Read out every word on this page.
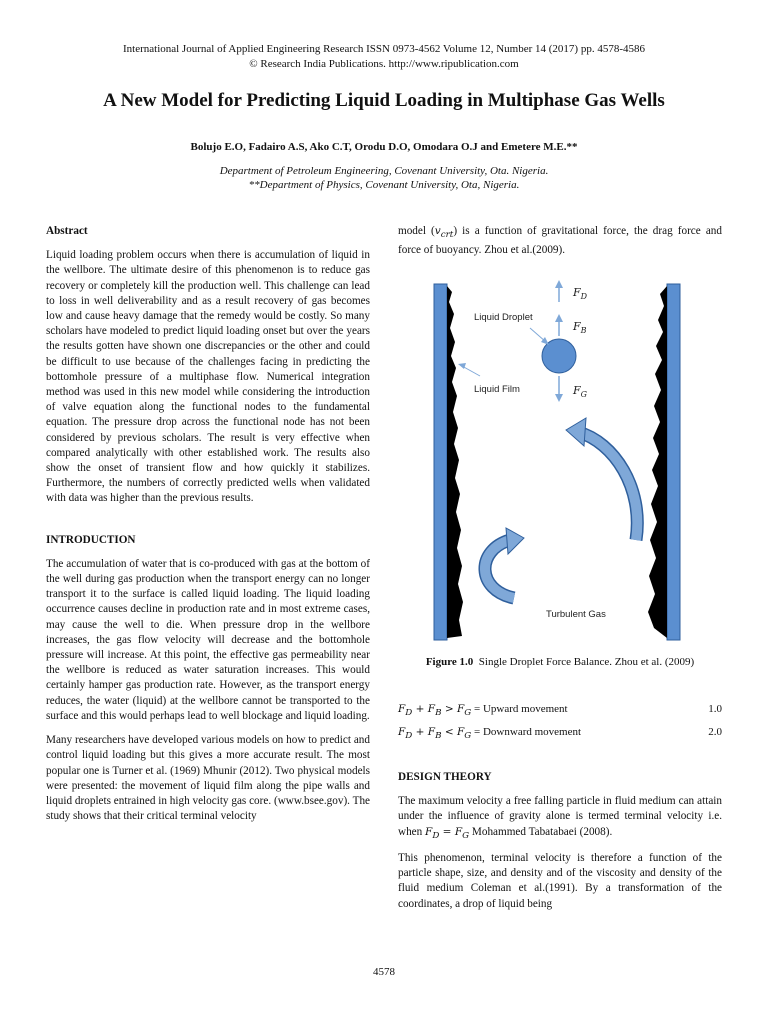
International Journal of Applied Engineering Research ISSN 0973-4562 Volume 12, Number 14 (2017) pp. 4578-4586
© Research India Publications. http://www.ripublication.com
A New Model for Predicting Liquid Loading in Multiphase Gas Wells
Bolujo E.O, Fadairo A.S, Ako C.T, Orodu D.O, Omodara O.J and Emetere M.E.**
Department of Petroleum Engineering, Covenant University, Ota. Nigeria.
**Department of Physics, Covenant University, Ota, Nigeria.
Abstract

Liquid loading problem occurs when there is accumulation of liquid in the wellbore. The ultimate desire of this phenomenon is to reduce gas recovery or completely kill the production well. This challenge can lead to loss in well deliverability and as a result recovery of gas becomes low and cause heavy damage that the remedy would be costly. So many scholars have modeled to predict liquid loading onset but over the years the results gotten have shown one discrepancies or the other and could be difficult to use because of the challenges facing in predicting the bottomhole pressure of a multiphase flow. Numerical integration method was used in this new model while considering the introduction of valve equation along the functional nodes to the fundamental equation. The pressure drop across the functional node has not been considered by previous scholars. The result is very effective when compared analytically with other established work. The results also show the onset of transient flow and how quickly it stabilizes. Furthermore, the numbers of correctly predicted wells when validated with data was higher than the previous results.

INTRODUCTION

The accumulation of water that is co-produced with gas at the bottom of the well during gas production when the transport energy can no longer transport it to the surface is called liquid loading. The liquid loading occurrence causes decline in production rate and in most extreme cases, may cause the well to die. When pressure drop in the wellbore increases, the gas flow velocity will decrease and the bottomhole pressure will increase. At this point, the effective gas permeability near the wellbore is reduced as water saturation increases. This would certainly hamper gas production rate. However, as the transport energy reduces, the water (liquid) at the wellbore cannot be transported to the surface and this would perhaps lead to well blockage and liquid loading.

Many researchers have developed various models on how to predict and control liquid loading but this gives a more accurate result. The most popular one is Turner et al. (1969) Mhunir (2012). Two physical models were presented: the movement of liquid film along the pipe walls and liquid droplets entrained in high velocity gas core. (www.bsee.gov). The study shows that their critical terminal velocity

model $(v_{crt})$ is a function of gravitational force, the drag force and force of buoyancy. Zhou et al.(2009).

Liquid Droplet
Liquid Film
Turbulent Gas
$F_D$
$F_B$
$F_G$
Figure 1.0 Single Droplet Force Balance. Zhou et al. (2009)
$F_D + F_B > F_G$ = Upward movement	1.0
$F_D + F_B < F_G$ = Downward movement	2.0
DESIGN THEORY

The maximum velocity a free falling particle in fluid medium can attain under the influence of gravity alone is termed terminal velocity i.e. when $F_D = F_G$ Mohammed Tabatabaei (2008).

This phenomenon, terminal velocity is therefore a function of the particle shape, size, and density and of the viscosity and density of the fluid medium Coleman et al.(1991). By a transformation of the coordinates, a drop of liquid being

4578
